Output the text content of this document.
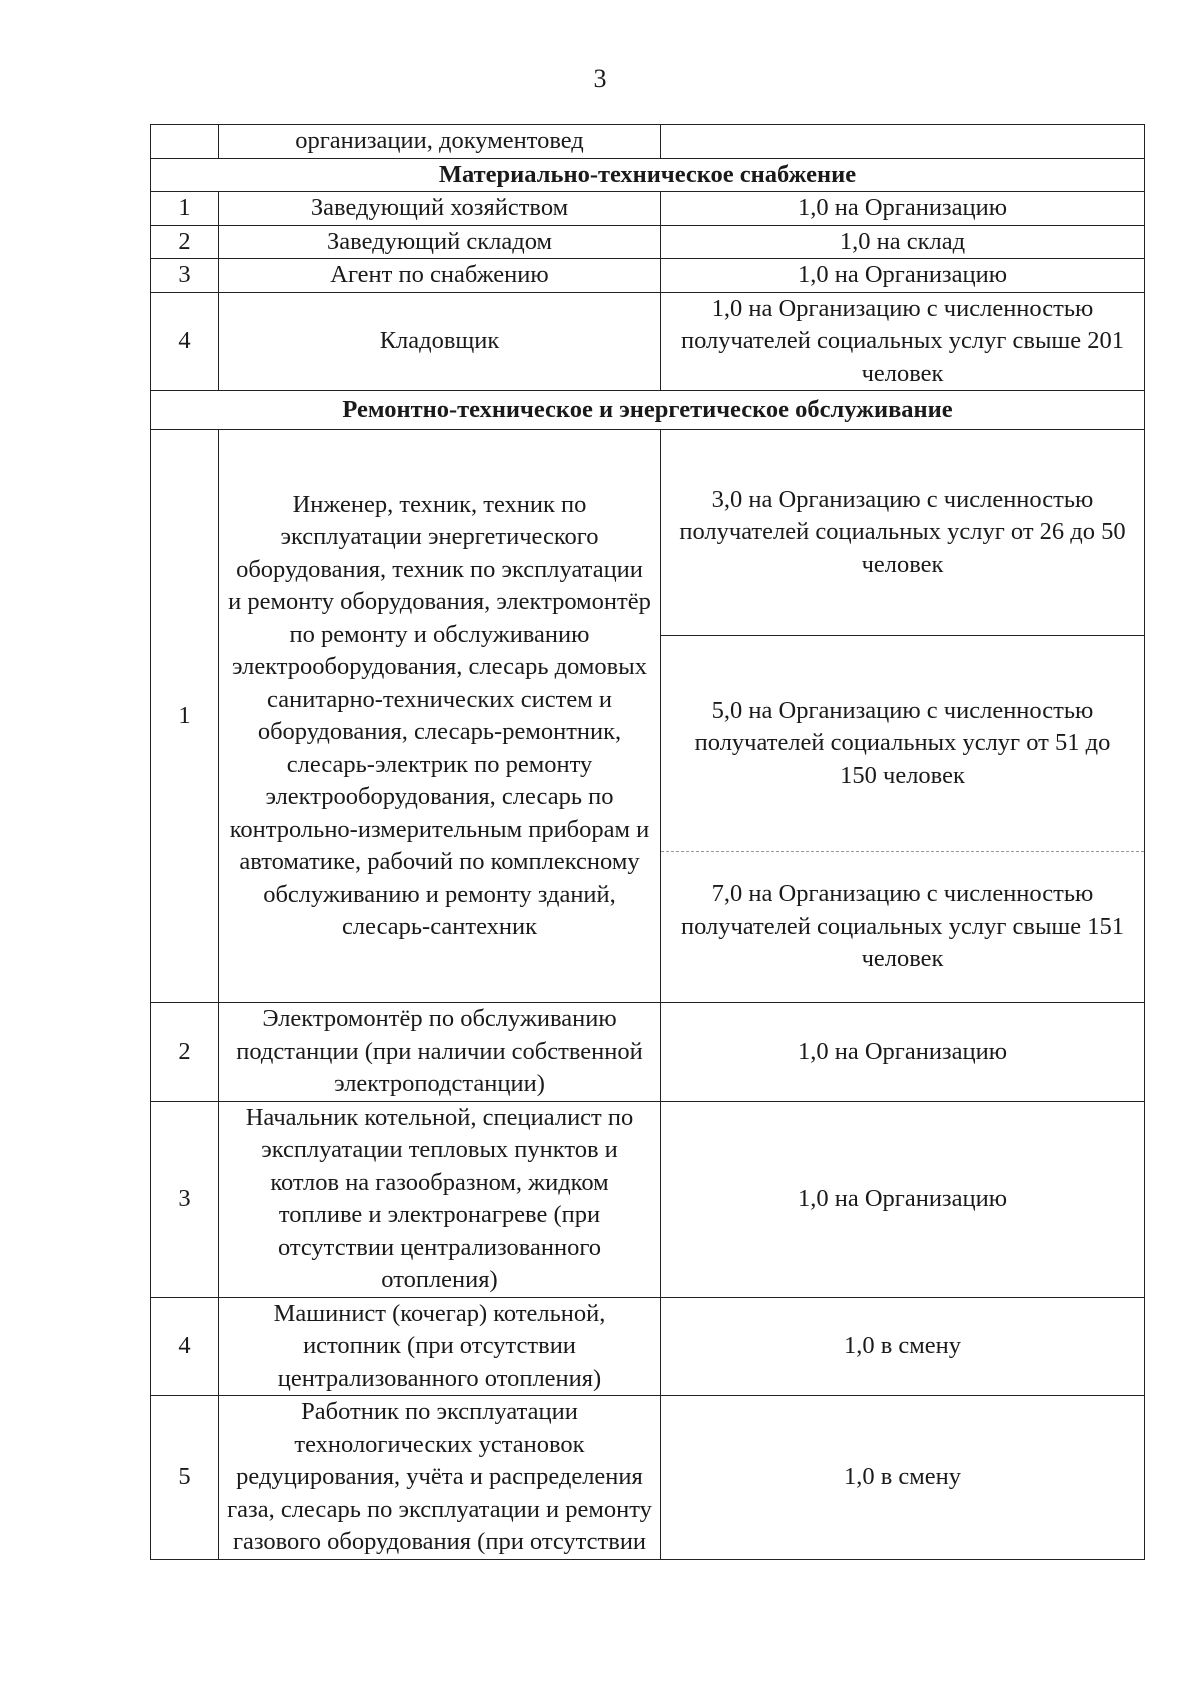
3
	организации, документовед	
Материально-техническое снабжение		
1	Заведующий хозяйством	1,0 на Организацию
2	Заведующий складом	1,0 на склад
3	Агент по снабжению	1,0 на Организацию
4	Кладовщик	1,0 на Организацию с численностью получателей социальных услуг свыше 201 человек
Ремонтно-техническое и энергетическое обслуживание		
1	Инженер, техник, техник по эксплуатации энергетического оборудования, техник по эксплуатации и ремонту оборудования, электромонтёр по ремонту и обслуживанию электрооборудования, слесарь домовых санитарно-технических систем и оборудования, слесарь-ремонтник, слесарь-электрик по ремонту электрооборудования, слесарь по контрольно-измерительным приборам и автоматике, рабочий по комплексному обслуживанию и ремонту зданий, слесарь-сантехник	3,0 на Организацию с численностью получателей социальных услуг от 26 до 50 человек
		5,0 на Организацию с численностью получателей социальных услуг от 51 до 150 человек
		7,0 на Организацию с численностью получателей социальных услуг свыше 151 человек
2	Электромонтёр по обслуживанию подстанции (при наличии собственной электроподстанции)	1,0 на Организацию
3	Начальник котельной, специалист по эксплуатации тепловых пунктов и котлов на газообразном, жидком топливе и электронагреве (при отсутствии централизованного отопления)	1,0 на Организацию
4	Машинист (кочегар) котельной, истопник (при отсутствии централизованного отопления)	1,0 в смену
5	Работник по эксплуатации технологических установок редуцирования, учёта и распределения газа, слесарь по эксплуатации и ремонту газового оборудования (при отсутствии	1,0 в смену
